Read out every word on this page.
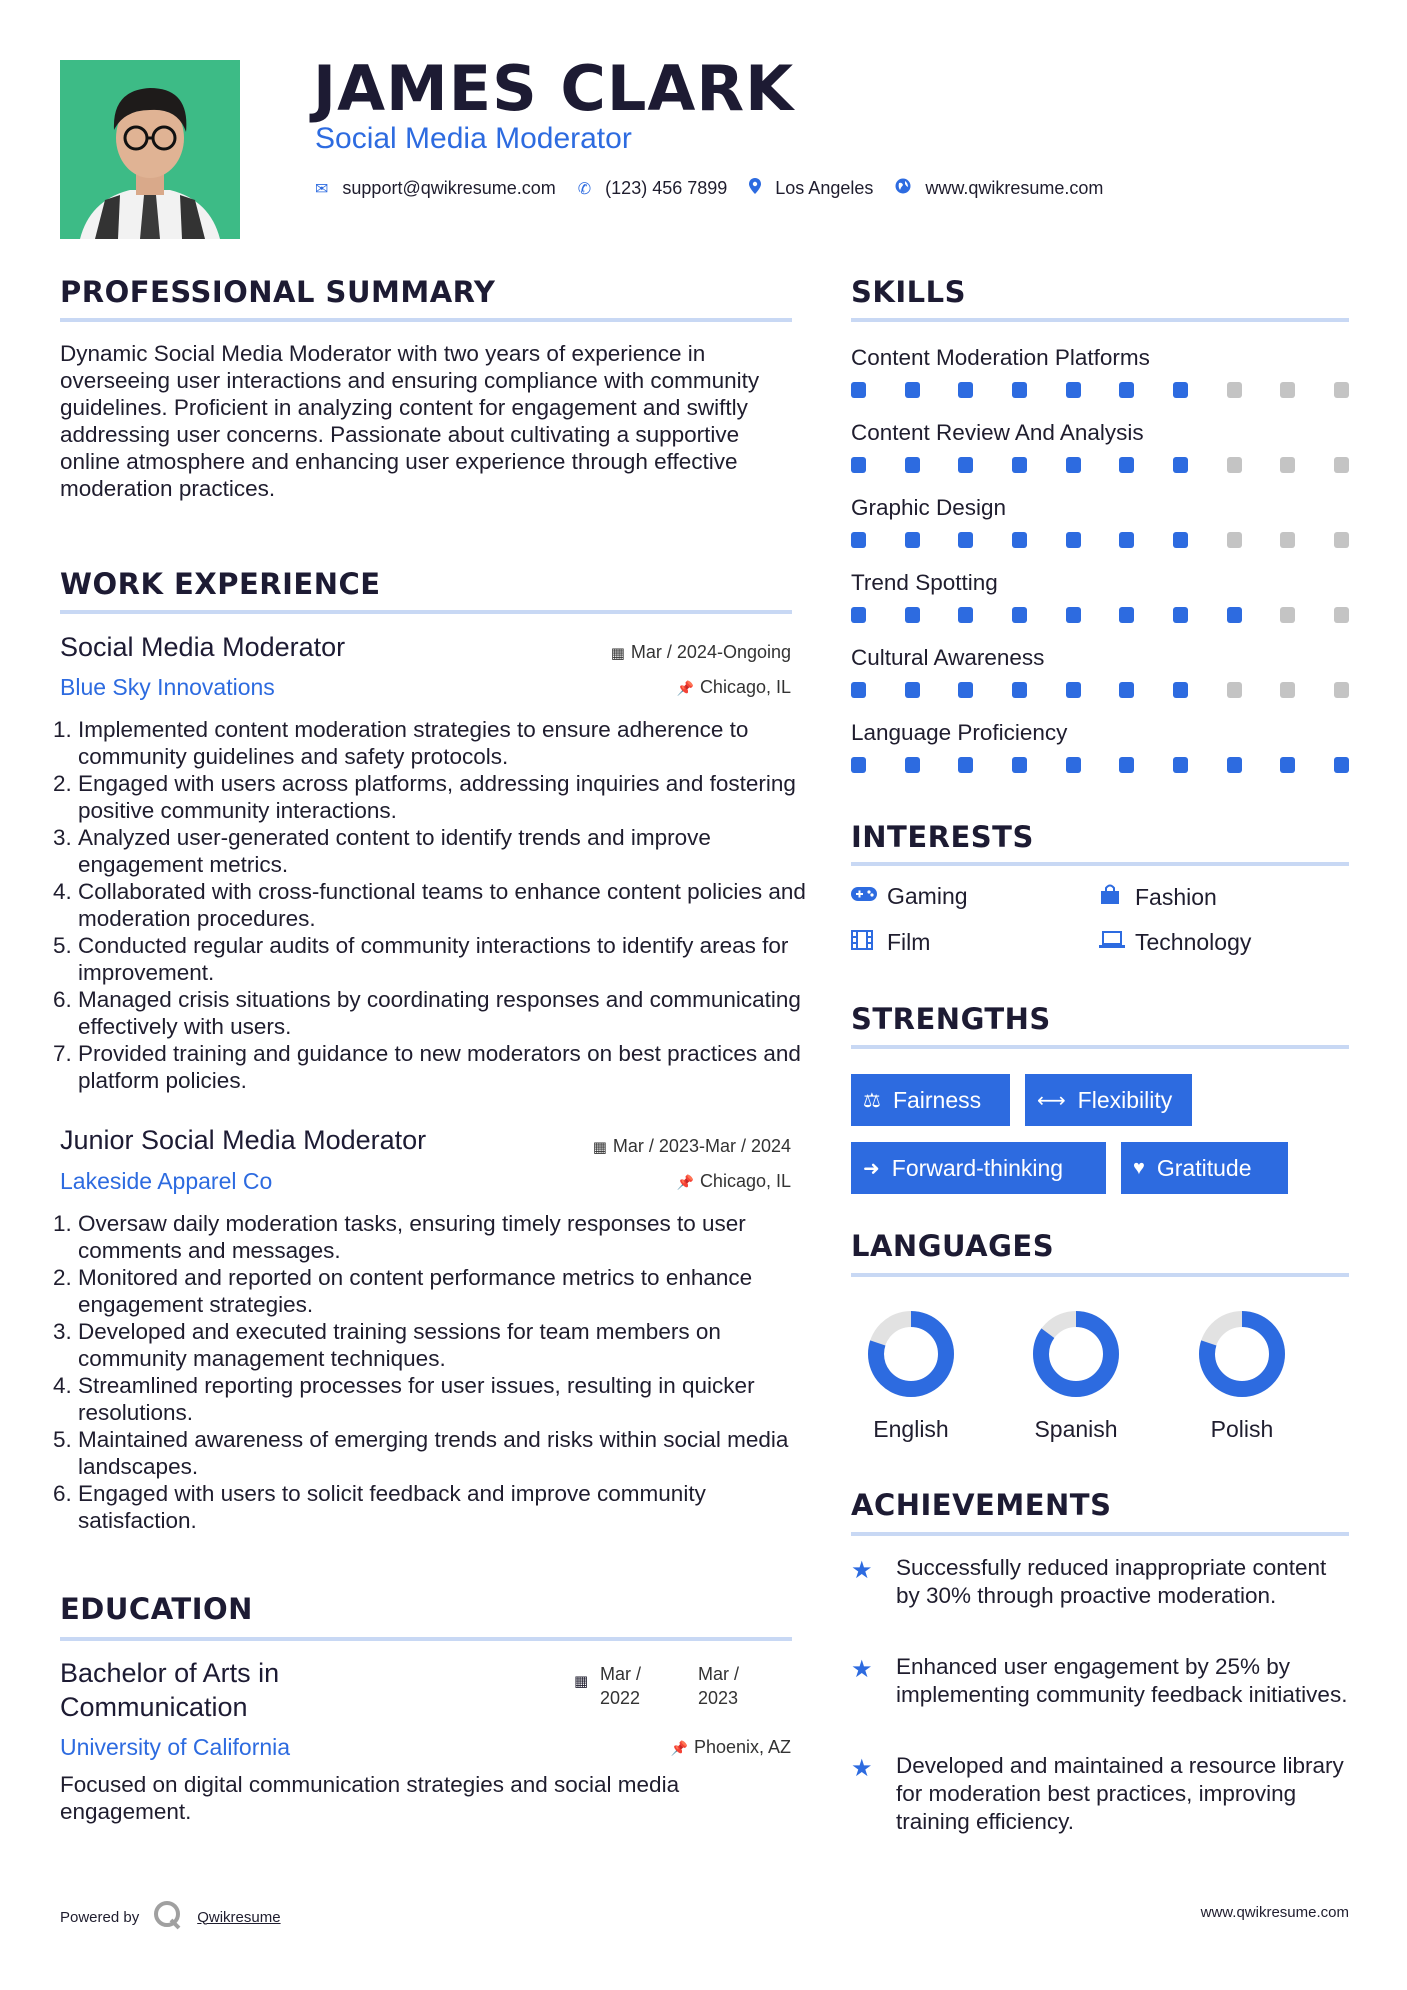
JAMES CLARK
Social Media Moderator
✉ support@qwikresume.com ✆ (123) 456 7899	Los Angeles	www.qwikresume.com
PROFESSIONAL SUMMARY

Dynamic Social Media Moderator with two years of experience in overseeing user interactions and ensuring compliance with community guidelines. Proficient in analyzing content for engagement and swiftly addressing user concerns. Passionate about cultivating a supportive online atmosphere and enhancing user experience through effective moderation practices.

WORK EXPERIENCE
Social Media Moderator	▦ Mar / 2024-Ongoing
Blue Sky Innovations	📌 Chicago, IL
1. Implemented content moderation strategies to ensure adherence to community guidelines and safety protocols.
2. Engaged with users across platforms, addressing inquiries and fostering positive community interactions.
3. Analyzed user-generated content to identify trends and improve engagement metrics.
4. Collaborated with cross-functional teams to enhance content policies and moderation procedures.
5. Conducted regular audits of community interactions to identify areas for improvement.
6. Managed crisis situations by coordinating responses and communicating effectively with users.
7. Provided training and guidance to new moderators on best practices and platform policies.
Junior Social Media Moderator	▦ Mar / 2023-Mar / 2024
Lakeside Apparel Co	📌 Chicago, IL
1. Oversaw daily moderation tasks, ensuring timely responses to user comments and messages.
2. Monitored and reported on content performance metrics to enhance engagement strategies.
3. Developed and executed training sessions for team members on community management techniques.
4. Streamlined reporting processes for user issues, resulting in quicker resolutions.
5. Maintained awareness of emerging trends and risks within social media landscapes.
6. Engaged with users to solicit feedback and improve community satisfaction.
EDUCATION
Bachelor of Arts in Communication
▦ Mar / 2022
Mar / 2023
University of California	📌 Phoenix, AZ

Focused on digital communication strategies and social media engagement.

SKILLS
Content Moderation Platforms
Content Review And Analysis
Graphic Design
Trend Spotting
Cultural Awareness
Language Proficiency
INTERESTS
Gaming	Fashion
Film	Technology
STRENGTHS
⚖ Fairness	⟷ Flexibility
➜ Forward-thinking	♥ Gratitude
LANGUAGES
English	Spanish	Polish
ACHIEVEMENTS
★	Successfully reduced inappropriate content by 30% through proactive moderation.
★	Enhanced user engagement by 25% by implementing community feedback initiatives.
★	Developed and maintained a resource library for moderation best practices, improving training efficiency.
Powered by	Qwikresume	www.qwikresume.com
